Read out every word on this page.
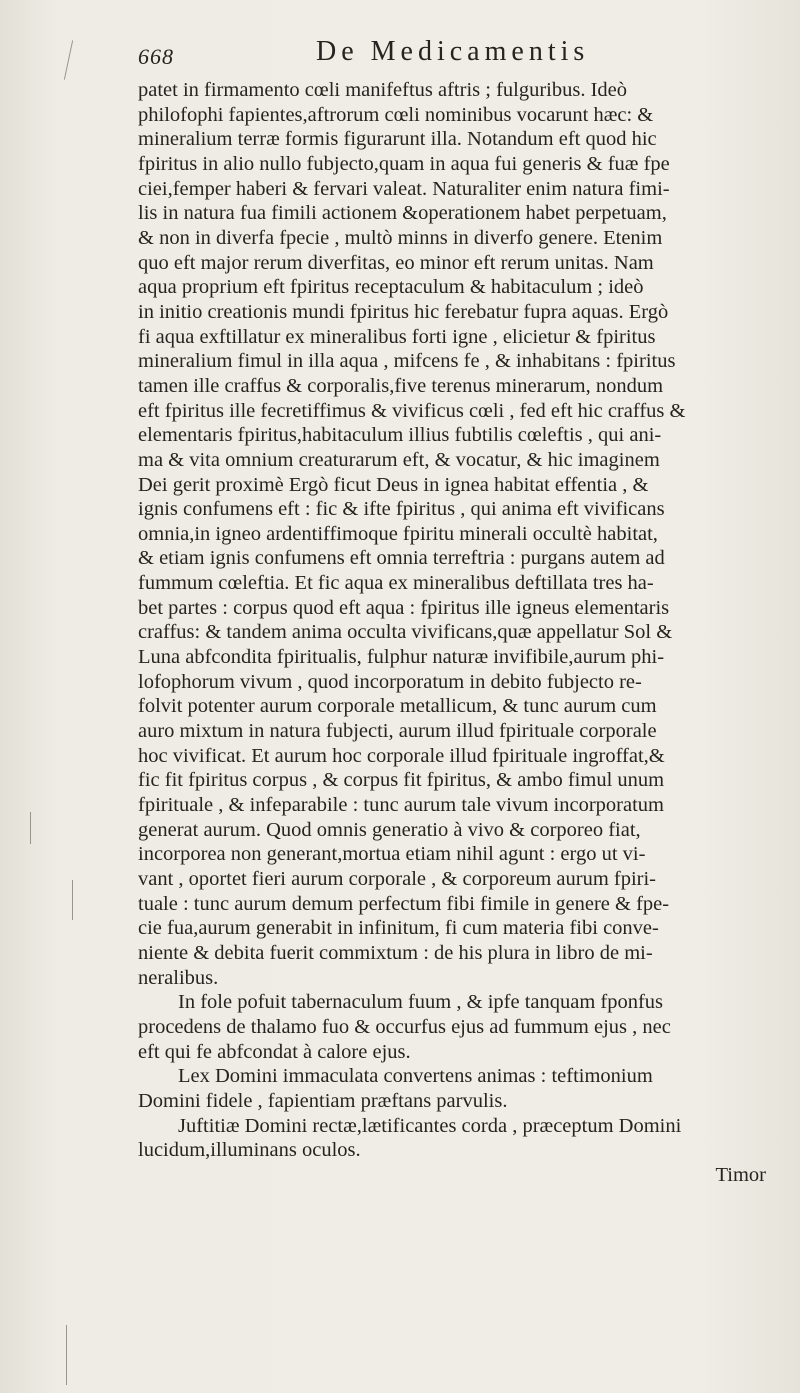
668	De Medicamentis
patet in firmamento cœli manifeftus aftris ; fulguribus. Ideò
philofophi fapientes,aftrorum cœli nominibus vocarunt hæc: &
mineralium terræ formis figurarunt illa. Notandum eft quod hic
fpiritus in alio nullo fubjecto,quam in aqua fui generis & fuæ fpe
ciei,femper haberi & fervari valeat. Naturaliter enim natura fimi-
lis in natura fua fimili actionem &operationem habet perpetuam,
& non in diverfa fpecie , multò minns in diverfo genere. Etenim
quo eft major rerum diverfitas, eo minor eft rerum unitas. Nam
aqua proprium eft fpiritus receptaculum & habitaculum ; ideò
in initio creationis mundi fpiritus hic ferebatur fupra aquas. Ergò
fi aqua exftillatur ex mineralibus forti igne , elicietur & fpiritus
mineralium fimul in illa aqua , mifcens fe , & inhabitans : fpiritus
tamen ille craffus & corporalis,five terenus minerarum, nondum
eft fpiritus ille fecretiffimus & vivificus cœli , fed eft hic craffus &
elementaris fpiritus,habitaculum illius fubtilis cœleftis , qui ani-
ma & vita omnium creaturarum eft, & vocatur, & hic imaginem
Dei gerit proximè Ergò ficut Deus in ignea habitat effentia , &
ignis confumens eft : fic & ifte fpiritus , qui anima eft vivificans
omnia,in igneo ardentiffimoque fpiritu minerali occultè habitat,
& etiam ignis confumens eft omnia terreftria : purgans autem ad
fummum cœleftia. Et fic aqua ex mineralibus deftillata tres ha-
bet partes : corpus quod eft aqua : fpiritus ille igneus elementaris
craffus: & tandem anima occulta vivificans,quæ appellatur Sol &
Luna abfcondita fpiritualis, fulphur naturæ invifibile,aurum phi-
lofophorum vivum , quod incorporatum in debito fubjecto re-
folvit potenter aurum corporale metallicum, & tunc aurum cum
auro mixtum in natura fubjecti, aurum illud fpirituale corporale
hoc vivificat. Et aurum hoc corporale illud fpirituale ingroffat,&
fic fit fpiritus corpus , & corpus fit fpiritus, & ambo fimul unum
fpirituale , & infeparabile : tunc aurum tale vivum incorporatum
generat aurum. Quod omnis generatio à vivo & corporeo fiat,
incorporea non generant,mortua etiam nihil agunt : ergo ut vi-
vant , oportet fieri aurum corporale , & corporeum aurum fpiri-
tuale : tunc aurum demum perfectum fibi fimile in genere & fpe-
cie fua,aurum generabit in infinitum, fi cum materia fibi conve-
niente & debita fuerit commixtum : de his plura in libro de mi-
neralibus.
In fole pofuit tabernaculum fuum , & ipfe tanquam fponfus
procedens de thalamo fuo & occurfus ejus ad fummum ejus , nec
eft qui fe abfcondat à calore ejus.
Lex Domini immaculata convertens animas : teftimonium
Domini fidele , fapientiam præftans parvulis.
Juftitiæ Domini rectæ,lætificantes corda , præceptum Domini
lucidum,illuminans oculos.
Timor
